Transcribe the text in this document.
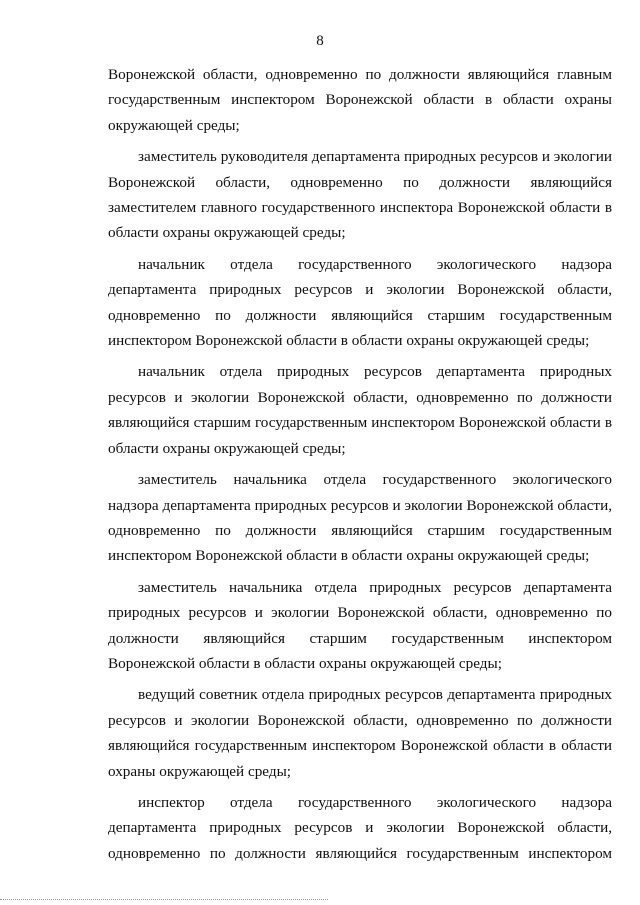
8

Воронежской области, одновременно по должности являющийся главным государственным инспектором Воронежской области в области охраны окружающей среды;

заместитель руководителя департамента природных ресурсов и экологии Воронежской области, одновременно по должности являющийся заместителем главного государственного инспектора Воронежской области в области охраны окружающей среды;

начальник отдела государственного экологического надзора департамента природных ресурсов и экологии Воронежской области, одновременно по должности являющийся старшим государственным инспектором Воронежской области в области охраны окружающей среды;

начальник отдела природных ресурсов департамента природных ресурсов и экологии Воронежской области, одновременно по должности являющийся старшим государственным инспектором Воронежской области в области охраны окружающей среды;

заместитель начальника отдела государственного экологического надзора департамента природных ресурсов и экологии Воронежской области, одновременно по должности являющийся старшим государственным инспектором Воронежской области в области охраны окружающей среды;

заместитель начальника отдела природных ресурсов департамента природных ресурсов и экологии Воронежской области, одновременно по должности являющийся старшим государственным инспектором Воронежской области в области охраны окружающей среды;

ведущий советник отдела природных ресурсов департамента природных ресурсов и экологии Воронежской области, одновременно по должности являющийся государственным инспектором Воронежской области в области охраны окружающей среды;

инспектор отдела государственного экологического надзора департамента природных ресурсов и экологии Воронежской области, одновременно по должности являющийся государственным инспектором
